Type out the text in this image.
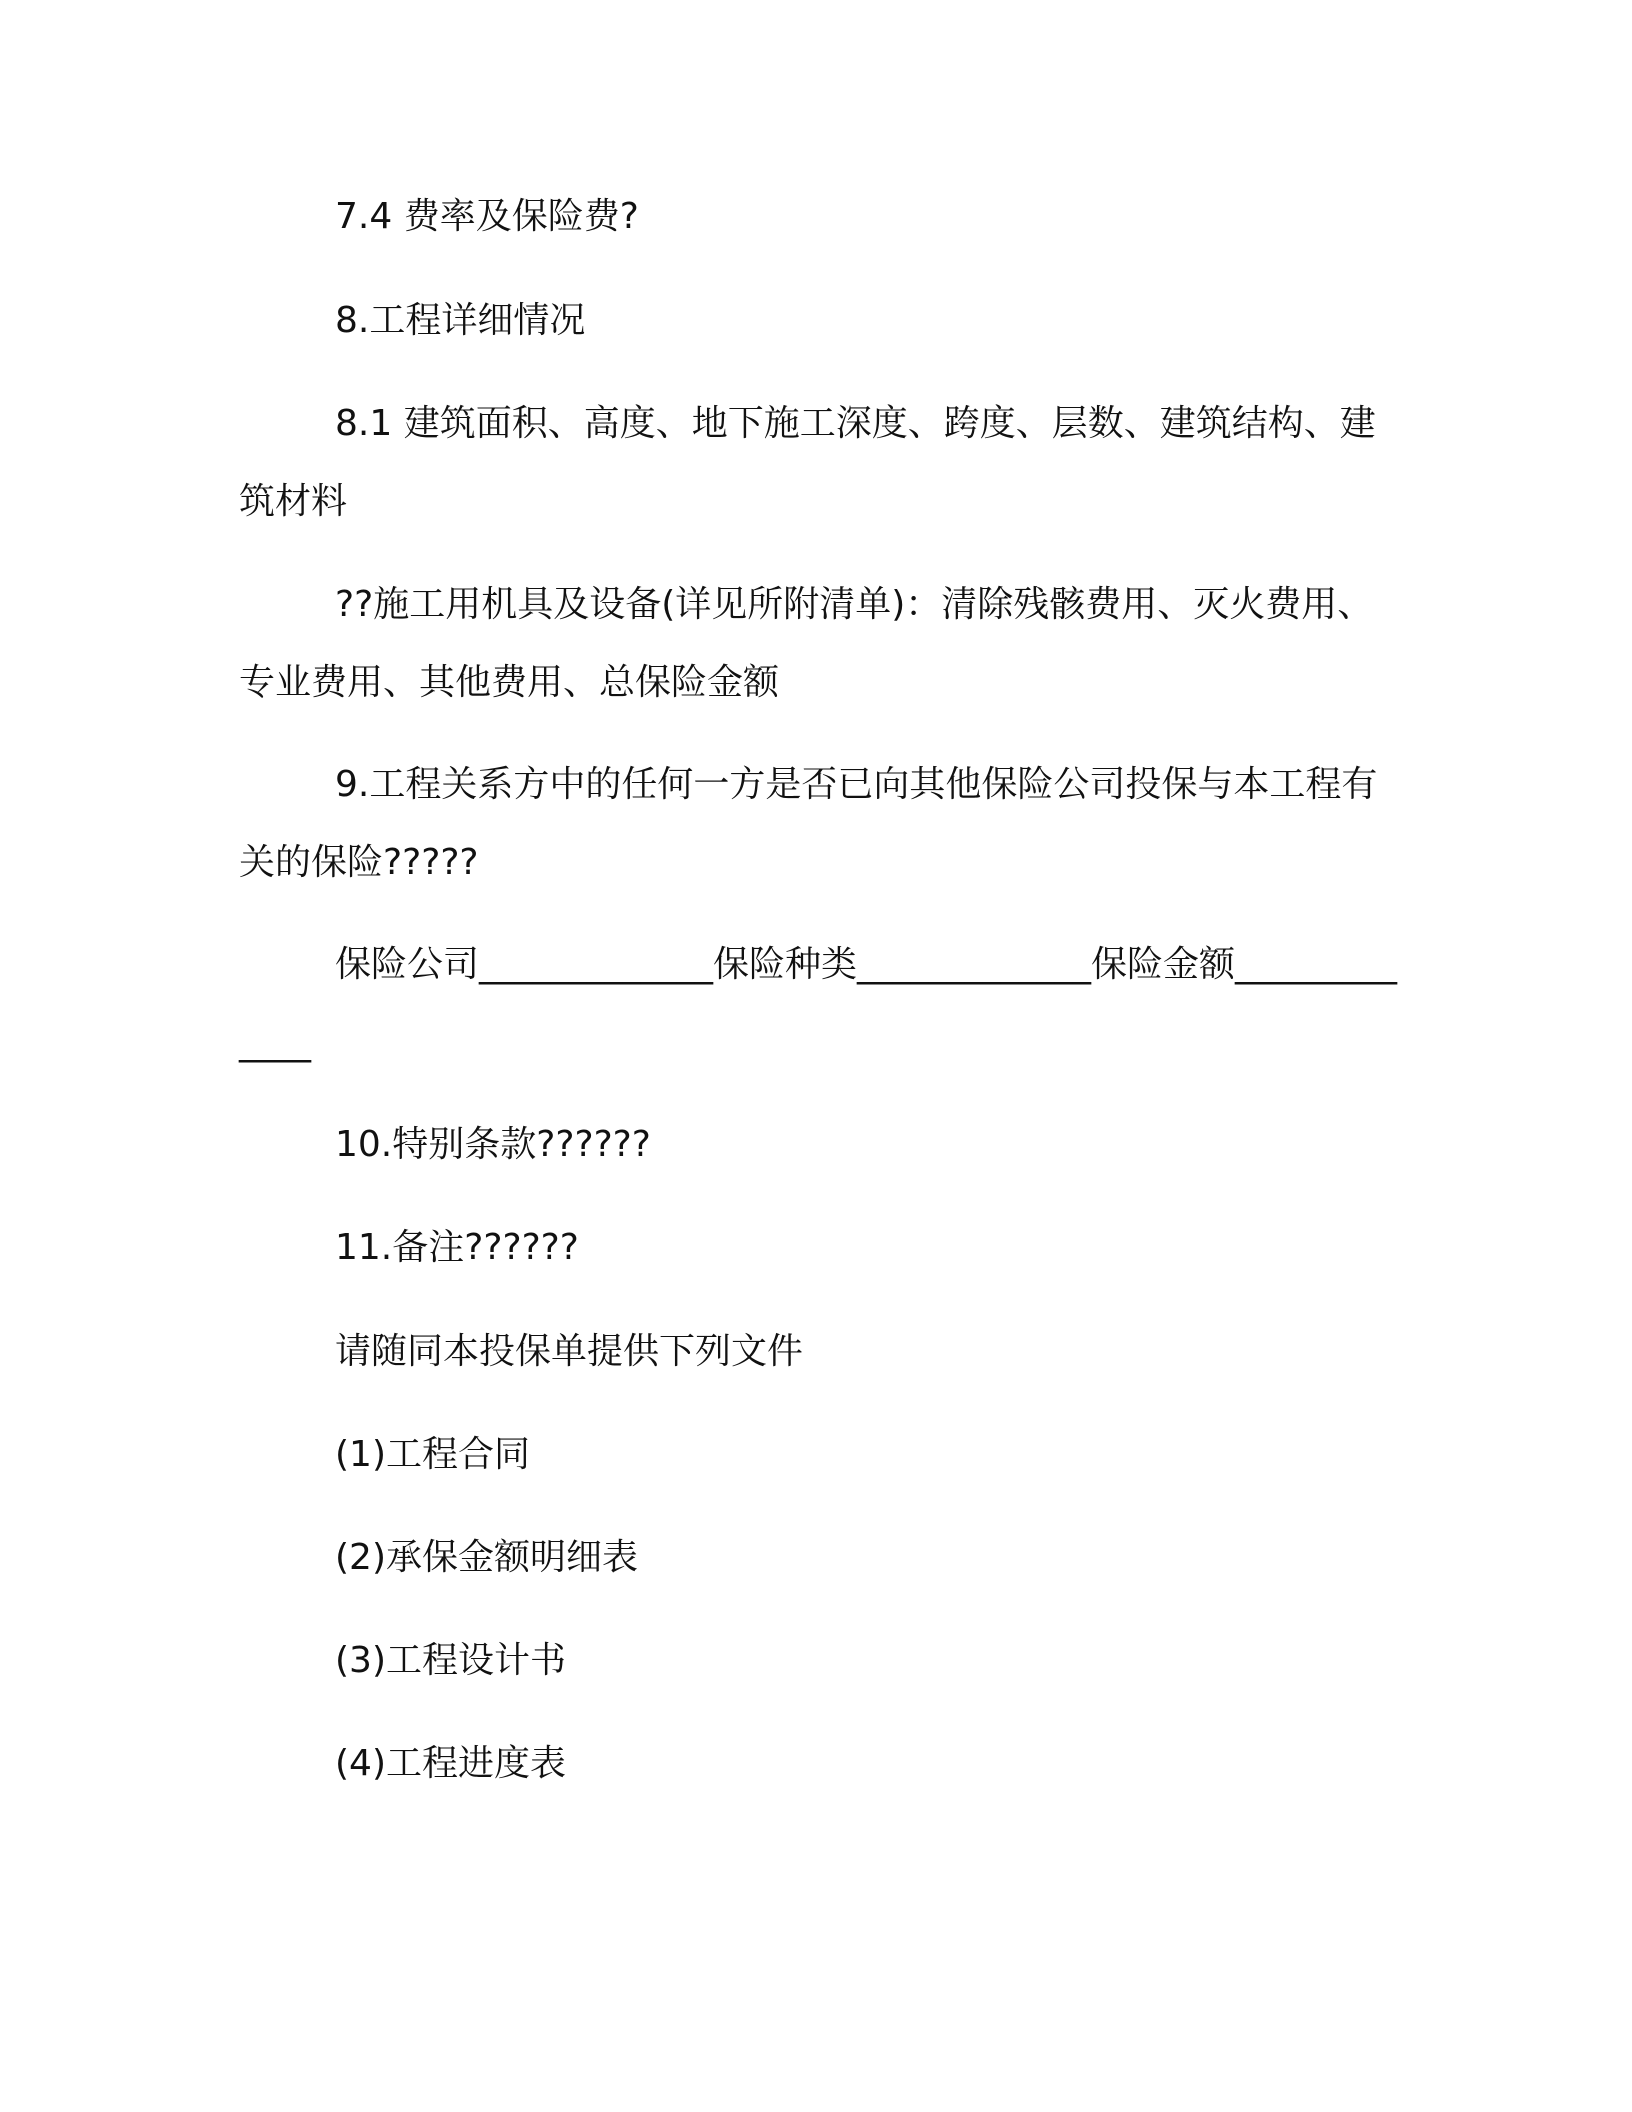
7.4 费率及保险费?

8.工程详细情况

8.1 建筑面积、高度、地下施工深度、跨度、层数、建筑结构、建筑材料

??施工用机具及设备(详见所附清单)：清除残骸费用、灭火费用、专业费用、其他费用、总保险金额

9.工程关系方中的任何一方是否已向其他保险公司投保与本工程有关的保险?????

保险公司_____________保险种类_____________保险金额_____________

10.特别条款??????

11.备注??????

请随同本投保单提供下列文件

(1)工程合同

(2)承保金额明细表

(3)工程设计书

(4)工程进度表
